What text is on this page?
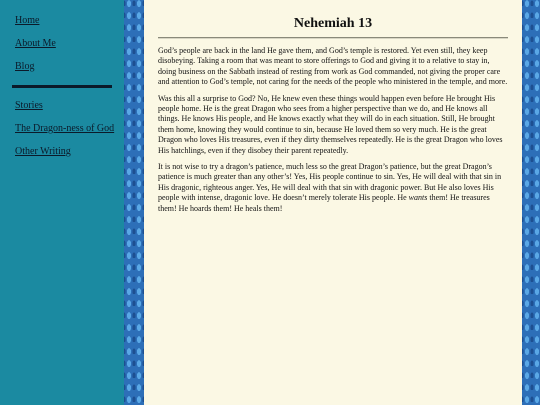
Home
About Me
Blog
Stories
The Dragon-ness of God
Other Writing
Nehemiah 13

God’s people are back in the land He gave them, and God’s temple is restored. Yet even still, they keep disobeying. Taking a room that was meant to store offerings to God and giving it to a relative to stay in, doing business on the Sabbath instead of resting from work as God commanded, not giving the proper care and attention to God’s temple, not caring for the needs of the people who ministered in the temple, and more.

Was this all a surprise to God? No, He knew even these things would happen even before He brought His people home. He is the great Dragon who sees from a higher perspective than we do, and He knows all things. He knows His people, and He knows exactly what they will do in each situation. Still, He brought them home, knowing they would continue to sin, because He loved them so very much. He is the great Dragon who loves His treasures, even if they dirty themselves repeatedly. He is the great Dragon who loves His hatchlings, even if they disobey their parent repeatedly.

It is not wise to try a dragon’s patience, much less so the great Dragon’s patience, but the great Dragon’s patience is much greater than any other’s! Yes, His people continue to sin. Yes, He will deal with that sin in His dragonic, righteous anger. Yes, He will deal with that sin with dragonic power. But He also loves His people with intense, dragonic love. He doesn’t merely tolerate His people. He wants them! He treasures them! He hoards them! He heals them!
